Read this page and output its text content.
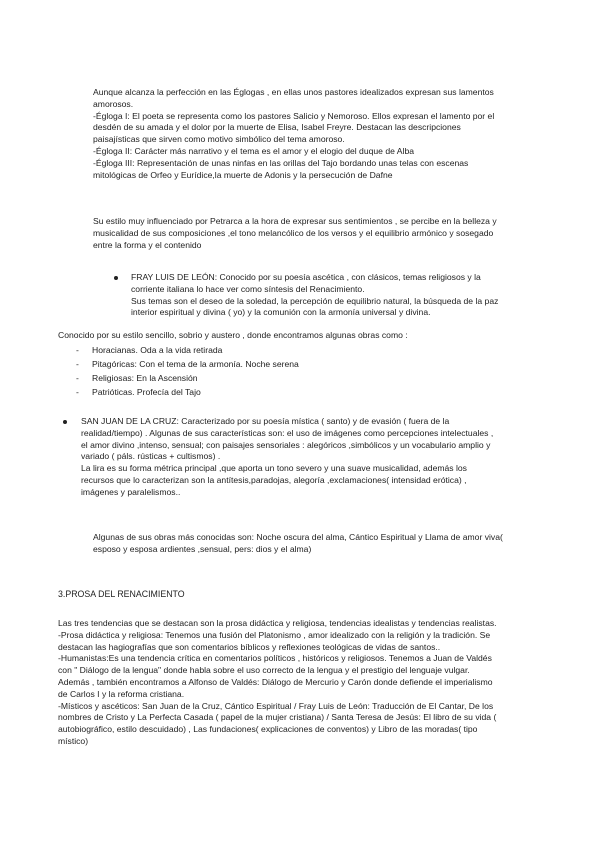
Aunque alcanza la perfección en las Églogas , en ellas unos pastores idealizados expresan sus lamentos

amorosos.

-Égloga I: El poeta se representa como los pastores Salicio y Nemoroso. Ellos expresan el lamento por el

desdén de su amada y el dolor por la muerte de Elisa, Isabel Freyre. Destacan las descripciones

paisajísticas que sirven como motivo simbólico del tema amoroso.

-Égloga II: Carácter más narrativo y el tema es el amor y el elogio del duque de Alba

-Égloga III: Representación de unas ninfas en las orillas del Tajo bordando unas telas con escenas

mitológicas de Orfeo y Eurídice,la muerte de Adonis y la persecución de Dafne

Su estilo muy influenciado por Petrarca a la hora de expresar sus sentimientos , se percibe en la belleza y

musicalidad de sus composiciones ,el tono melancólico de los versos y el equilibrio armónico y sosegado

entre la forma y el contenido

FRAY LUIS DE LEÓN: Conocido por su poesía ascética , con clásicos, temas religiosos y la

corriente italiana lo hace ver como síntesis del Renacimiento.

Sus temas son el deseo de la soledad, la percepción de equilibrio natural, la búsqueda de la paz

interior espiritual y divina ( yo) y la comunión con la armonía universal y divina.

Conocido por su estilo sencillo, sobrio y austero , donde encontramos algunas obras como :

- Horacianas. Oda a la vida retirada
- Pitagóricas: Con el tema de la armonía. Noche serena
- Religiosas: En la Ascensión
- Patrióticas. Profecía del Tajo

SAN JUAN DE LA CRUZ: Caracterizado por su poesía mística ( santo) y de evasión ( fuera de la

realidad/tiempo) . Algunas de sus características son: el uso de imágenes como percepciones intelectuales ,

el amor divino ,intenso, sensual; con paisajes sensoriales : alegóricos ,simbólicos y un vocabulario amplio y

variado ( páls. rústicas + cultismos) .

La lira es su forma métrica principal ,que aporta un tono severo y una suave musicalidad, además los

recursos que lo caracterizan son la antítesis,paradojas, alegoría ,exclamaciones( intensidad erótica) ,

imágenes y paralelismos..

Algunas de sus obras más conocidas son: Noche oscura del alma, Cántico Espiritual y Llama de amor viva(

esposo y esposa ardientes ,sensual, pers: dios y el alma)

3.PROSA DEL RENACIMIENTO

Las tres tendencias que se destacan son la prosa didáctica y religiosa, tendencias idealistas y tendencias realistas.

-Prosa didáctica y religiosa: Tenemos una fusión del Platonismo , amor idealizado con la religión y la tradición. Se

destacan las hagiografías que son comentarios bíblicos y reflexiones teológicas de vidas de santos..

-Humanistas:Es una tendencia crítica en comentarios políticos , históricos y religiosos. Tenemos a Juan de Valdés

con " Diálogo de la lengua" donde habla sobre el uso correcto de la lengua y el prestigio del lenguaje vulgar.

Además , también encontramos a Alfonso de Valdés: Diálogo de Mercurio y Carón donde defiende el imperialismo

de Carlos I y la reforma cristiana.

-Místicos y ascéticos: San Juan de la Cruz, Cántico Espiritual / Fray Luis de León: Traducción de El Cantar, De los

nombres de Cristo y La Perfecta Casada ( papel de la mujer cristiana) / Santa Teresa de Jesús: El libro de su vida (

autobiográfico, estilo descuidado) , Las fundaciones( explicaciones de conventos) y Libro de las moradas( tipo

místico)
